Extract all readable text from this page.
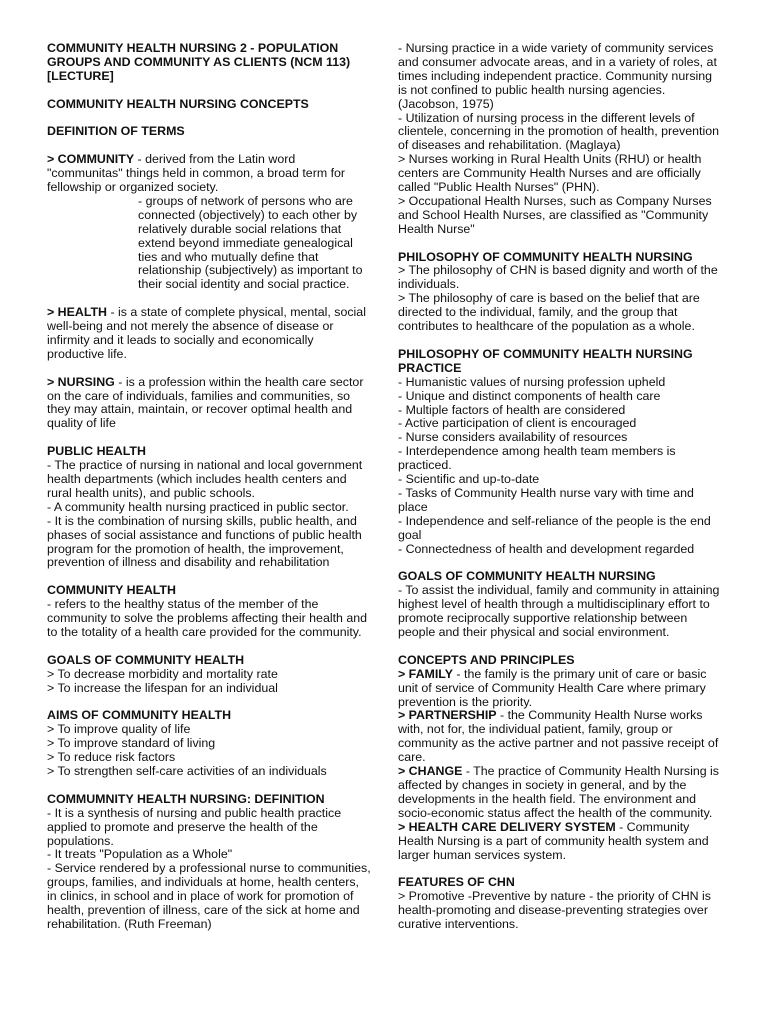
COMMUNITY HEALTH NURSING 2 - POPULATION GROUPS AND COMMUNITY AS CLIENTS (NCM 113) [LECTURE]
COMMUNITY HEALTH NURSING CONCEPTS
DEFINITION OF TERMS
> COMMUNITY - derived from the Latin word "communitas" things held in common, a broad term for fellowship or organized society.
- groups of network of persons who are connected (objectively) to each other by relatively durable social relations that extend beyond immediate genealogical ties and who mutually define that relationship (subjectively) as important to their social identity and social practice.
> HEALTH - is a state of complete physical, mental, social well-being and not merely the absence of disease or infirmity and it leads to socially and economically productive life.
> NURSING - is a profession within the health care sector on the care of individuals, families and communities, so they may attain, maintain, or recover optimal health and quality of life
PUBLIC HEALTH
- The practice of nursing in national and local government health departments (which includes health centers and rural health units), and public schools.
- A community health nursing practiced in public sector.
- It is the combination of nursing skills, public health, and phases of social assistance and functions of public health program for the promotion of health, the improvement, prevention of illness and disability and rehabilitation
COMMUNITY HEALTH
- refers to the healthy status of the member of the community to solve the problems affecting their health and to the totality of a health care provided for the community.
GOALS OF COMMUNITY HEALTH
> To decrease morbidity and mortality rate
> To increase the lifespan for an individual
AIMS OF COMMUNITY HEALTH
> To improve quality of life
> To improve standard of living
> To reduce risk factors
> To strengthen self-care activities of an individuals
COMMUMNITY HEALTH NURSING: DEFINITION
- It is a synthesis of nursing and public health practice applied to promote and preserve the health of the populations.
- It treats "Population as a Whole"
- Service rendered by a professional nurse to communities, groups, families, and individuals at home, health centers, in clinics, in school and in place of work for promotion of health, prevention of illness, care of the sick at home and rehabilitation. (Ruth Freeman)
- Nursing practice in a wide variety of community services and consumer advocate areas, and in a variety of roles, at times including independent practice. Community nursing is not confined to public health nursing agencies. (Jacobson, 1975)
- Utilization of nursing process in the different levels of clientele, concerning in the promotion of health, prevention of diseases and rehabilitation. (Maglaya)
> Nurses working in Rural Health Units (RHU) or health centers are Community Health Nurses and are officially called "Public Health Nurses" (PHN).
> Occupational Health Nurses, such as Company Nurses and School Health Nurses, are classified as "Community Health Nurse"
PHILOSOPHY OF COMMUNITY HEALTH NURSING
> The philosophy of CHN is based dignity and worth of the individuals.
> The philosophy of care is based on the belief that are directed to the individual, family, and the group that contributes to healthcare of the population as a whole.
PHILOSOPHY OF COMMUNITY HEALTH NURSING PRACTICE
- Humanistic values of nursing profession upheld
- Unique and distinct components of health care
- Multiple factors of health are considered
- Active participation of client is encouraged
- Nurse considers availability of resources
- Interdependence among health team members is practiced.
- Scientific and up-to-date
- Tasks of Community Health nurse vary with time and place
- Independence and self-reliance of the people is the end goal
- Connectedness of health and development regarded
GOALS OF COMMUNITY HEALTH NURSING
- To assist the individual, family and community in attaining highest level of health through a multidisciplinary effort to promote reciprocally supportive relationship between people and their physical and social environment.
CONCEPTS AND PRINCIPLES
> FAMILY - the family is the primary unit of care or basic unit of service of Community Health Care where primary prevention is the priority.
> PARTNERSHIP - the Community Health Nurse works with, not for, the individual patient, family, group or community as the active partner and not passive receipt of care.
> CHANGE - The practice of Community Health Nursing is affected by changes in society in general, and by the developments in the health field. The environment and socio-economic status affect the health of the community.
> HEALTH CARE DELIVERY SYSTEM - Community Health Nursing is a part of community health system and larger human services system.
FEATURES OF CHN
> Promotive -Preventive by nature - the priority of CHN is health-promoting and disease-preventing strategies over curative interventions.
